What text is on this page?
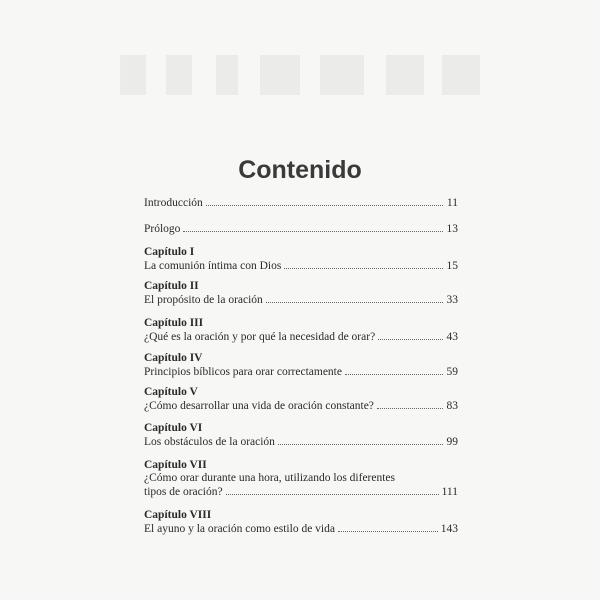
Contenido
Introducción	11
Prólogo	13
Capítulo I
La comunión íntima con Dios	15
Capítulo II
El propósito de la oración	33
Capítulo III
¿Qué es la oración y por qué la necesidad de orar?	43
Capítulo IV
Principios bíblicos para orar correctamente	59
Capítulo V
¿Cómo desarrollar una vida de oración constante?	83
Capítulo VI
Los obstáculos de la oración	99
Capítulo VII
¿Cómo orar durante una hora, utilizando los diferentes
tipos de oración?	111
Capítulo VIII
El ayuno y la oración como estilo de vida	143
